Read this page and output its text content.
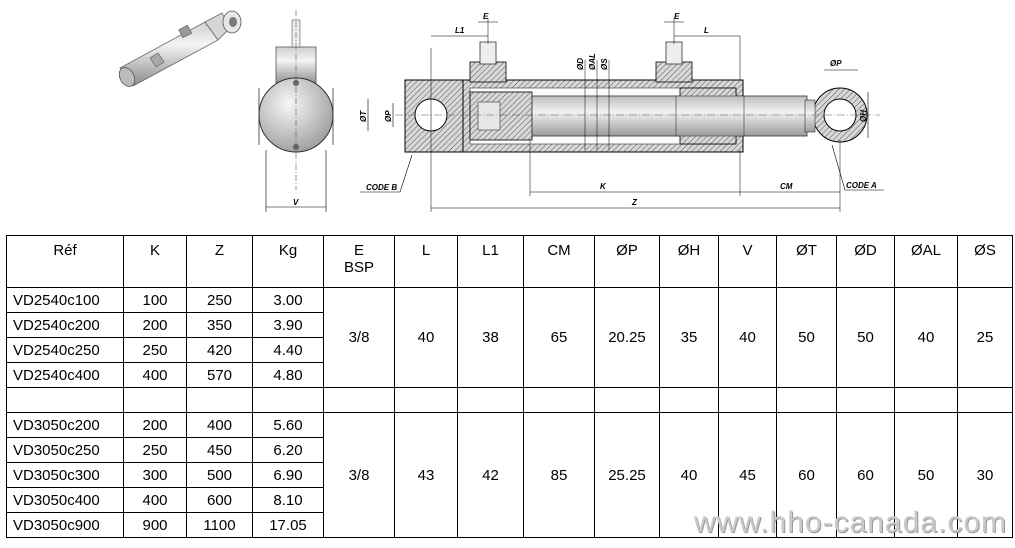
V
L1
E	E
L
ØD ØAL ØS
ØT ØP
ØP
ØH
K	CM
Z
CODE B	CODE A
Réf	K	Z	Kg	E
BSP	L	L1	CM	ØP	ØH	V	ØT	ØD	ØAL	ØS
VD2540c100	100	250	3.00	3/8	40	38	65	20.25	35	40	50	50	40	25
VD2540c200	200	350	3.90											
VD2540c250	250	420	4.40											
VD2540c400	400	570	4.80											

VD3050c200	200	400	5.60	3/8	43	42	85	25.25	40	45	60	60	50	30
VD3050c250	250	450	6.20											
VD3050c300	300	500	6.90											
VD3050c400	400	600	8.10											
VD3050c900	900	1100	17.05												www.hho-canada.com
